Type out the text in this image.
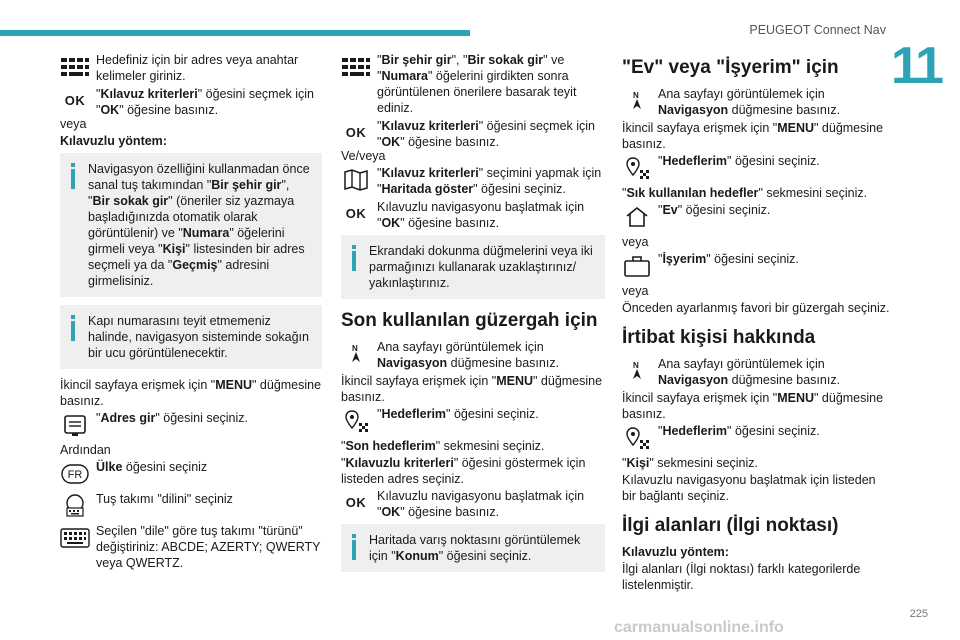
PEUGEOT Connect Nav
11
Hedefiniz için bir adres veya anahtar kelimeler giriniz.
OK "Kılavuz kriterleri" öğesini seçmek için "OK" öğesine basınız.
veya
Kılavuzlu yöntem:
Navigasyon özelliğini kullanmadan önce sanal tuş takımından "Bir şehir gir", "Bir sokak gir" (öneriler siz yazmaya başladığınızda otomatik olarak görüntülenir) ve "Numara" öğelerini girmeli veya "Kişi" listesinden bir adres seçmeli ya da "Geçmiş" adresini girmelisiniz.
Kapı numarasını teyit etmemeniz halinde, navigasyon sisteminde sokağın bir ucu görüntülenecektir.
İkincil sayfaya erişmek için "MENU" düğmesine basınız.
"Adres gir" öğesini seçiniz.
Ardından
FR
Ülke öğesini seçiniz
Tuş takımı "dilini" seçiniz
Seçilen "dile" göre tuş takımı "türünü" değiştiriniz: ABCDE; AZERTY; QWERTY veya QWERTZ.
"Bir şehir gir", "Bir sokak gir" ve "Numara" öğelerini girdikten sonra görüntülenen önerilere basarak teyit ediniz.
OK "Kılavuz kriterleri" öğesini seçmek için "OK" öğesine basınız.
Ve/veya
"Kılavuz kriterleri" seçimini yapmak için "Haritada göster" öğesini seçiniz.
OK Kılavuzlu navigasyonu başlatmak için "OK" öğesine basınız.
Ekrandaki dokunma düğmelerini veya iki parmağınızı kullanarak uzaklaştırınız/ yakınlaştırınız.
Son kullanılan güzergah için
N Ana sayfayı görüntülemek için Navigasyon düğmesine basınız.
İkincil sayfaya erişmek için "MENU" düğmesine basınız.
"Hedeflerim" öğesini seçiniz.
"Son hedeflerim" sekmesini seçiniz.
"Kılavuzlu kriterleri" öğesini göstermek için listeden adres seçiniz.
OK Kılavuzlu navigasyonu başlatmak için "OK" öğesine basınız.
Haritada varış noktasını görüntülemek için "Konum" öğesini seçiniz.
"Ev" veya "İşyerim" için
N Ana sayfayı görüntülemek için Navigasyon düğmesine basınız.
İkincil sayfaya erişmek için "MENU" düğmesine basınız.
"Hedeflerim" öğesini seçiniz.
"Sık kullanılan hedefler" sekmesini seçiniz.
"Ev" öğesini seçiniz.
veya
"İşyerim" öğesini seçiniz.
veya
Önceden ayarlanmış favori bir güzergah seçiniz.
İrtibat kişisi hakkında
N Ana sayfayı görüntülemek için Navigasyon düğmesine basınız.
İkincil sayfaya erişmek için "MENU" düğmesine basınız.
"Hedeflerim" öğesini seçiniz.
"Kişi" sekmesini seçiniz.
Kılavuzlu navigasyonu başlatmak için listeden bir bağlantı seçiniz.
İlgi alanları (İlgi noktası)
Kılavuzlu yöntem:
İlgi alanları (İlgi noktası) farklı kategorilerde listelenmiştir.
225
carmanualsonline.info
